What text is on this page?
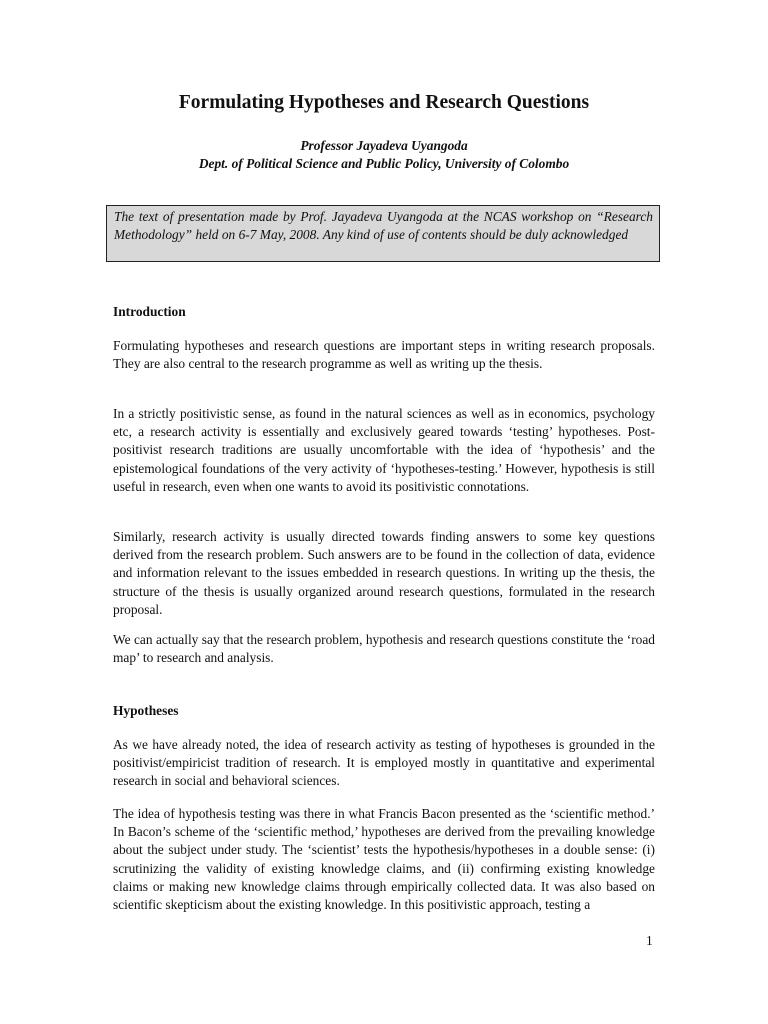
Formulating Hypotheses and Research Questions
Professor Jayadeva Uyangoda
Dept. of Political Science and Public Policy, University of Colombo
The text of presentation made by Prof. Jayadeva Uyangoda at the NCAS workshop on “Research Methodology” held on 6-7 May, 2008. Any kind of use of contents should be duly acknowledged
Introduction
Formulating hypotheses and research questions are important steps in writing research proposals. They are also central to the research programme as well as writing up the thesis.
In a strictly positivistic sense, as found in the natural sciences as well as in economics, psychology etc, a research activity is essentially and exclusively geared towards ‘testing’ hypotheses. Post-positivist research traditions are usually uncomfortable with the idea of ‘hypothesis’ and the epistemological foundations of the very activity of ‘hypotheses-testing.’ However, hypothesis is still useful in research, even when one wants to avoid its positivistic connotations.
Similarly, research activity is usually directed towards finding answers to some key questions derived from the research problem. Such answers are to be found in the collection of data, evidence and information relevant to the issues embedded in research questions. In writing up the thesis, the structure of the thesis is usually organized around research questions, formulated in the research proposal.
We can actually say that the research problem, hypothesis and research questions constitute the ‘road map’ to research and analysis.
Hypotheses
As we have already noted, the idea of research activity as testing of hypotheses is grounded in the positivist/empiricist tradition of research. It is employed mostly in quantitative and experimental research in social and behavioral sciences.
The idea of hypothesis testing was there in what Francis Bacon presented as the ‘scientific method.’ In Bacon’s scheme of the ‘scientific method,’ hypotheses are derived from the prevailing knowledge about the subject under study. The ‘scientist’ tests the hypothesis/hypotheses in a double sense: (i) scrutinizing the validity of existing knowledge claims, and (ii) confirming existing knowledge claims or making new knowledge claims through empirically collected data. It was also based on scientific skepticism about the existing knowledge. In this positivistic approach, testing a
1
